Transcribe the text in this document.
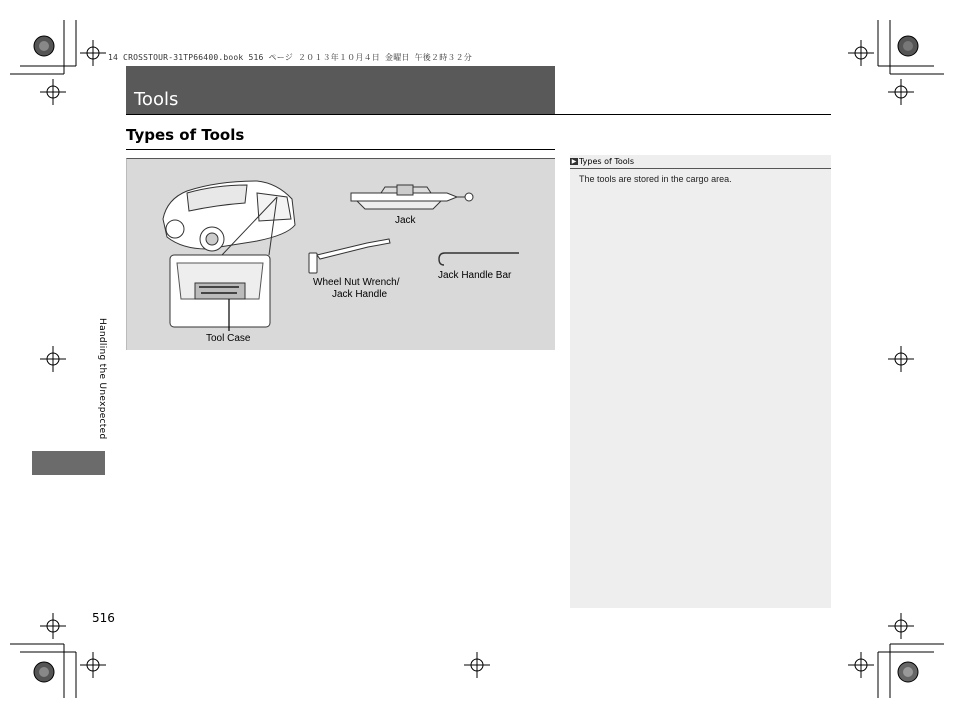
14 CROSSTOUR-31TP66400.book 516 ページ ２０１３年１０月４日 金曜日 午後２時３２分
Tools
Types of Tools
Jack
Wheel Nut Wrench/
Jack Handle
Jack Handle Bar
Tool Case
▶ Types of Tools
The tools are stored in the cargo area.
Handling the Unexpected
516
